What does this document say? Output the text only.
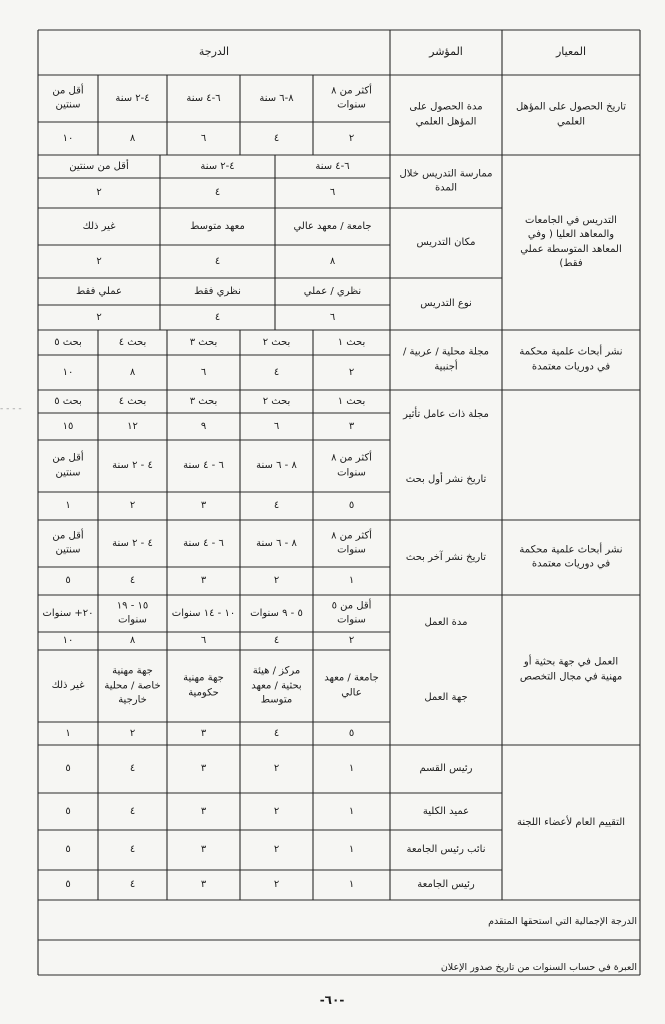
المعيار
المؤشر
الدرجة
أكثر من ٨ سنوات
٢
٨-٦ سنة
٤
٦-٤ سنة
٦
٤-٢ سنة
٨
أقل من سنتين
١٠
مدة الحصول على المؤهل العلمي
تاريخ الحصول على المؤهل العلمي
٦-٤ سنة
٦
٤-٢ سنة
٤
أقل من سنتين
٢
جامعة / معهد عالي
٨
معهد متوسط
٤
غير ذلك
٢
نظري / عملي
٦
نظري فقط
٤
عملي فقط
٢
ممارسة التدريس خلال المدة
مكان التدريس
نوع التدريس
التدريس في الجامعات والمعاهد العليا ( وفي المعاهد المتوسطة عملي فقط)
بحث ١
٢
بحث ٢
٤
بحث ٣
٦
بحث ٤
٨
بحث ٥
١٠
بحث ١
٣
بحث ٢
٦
بحث ٣
٩
بحث ٤
١٢
بحث ٥
١٥
أكثر من ٨ سنوات
٥
٨ - ٦ سنة
٤
٦ - ٤ سنة
٣
٤ - ٢ سنة
٢
أقل من سنتين
١
مجلة محلية / عربية / أجنبية
مجلة ذات عامل تأثير
تاريخ نشر أول بحث
نشر أبحاث علمية محكمة في دوريات معتمدة
أكثر من ٨ سنوات
١
٨ - ٦ سنة
٢
٦ - ٤ سنة
٣
٤ - ٢ سنة
٤
أقل من سنتين
٥
تاريخ نشر آخر بحث
نشر أبحاث علمية محكمة في دوريات معتمدة
أقل من ٥ سنوات
٢
٥ - ٩ سنوات
٤
١٠ - ١٤ سنوات
٦
١٥ - ١٩ سنوات
٨
٢٠+ سنوات
١٠
جامعة / معهد عالي
٥
مركز / هيئة بحثية / معهد متوسط
٤
جهة مهنية حكومية
٣
جهة مهنية خاصة / محلية خارجية
٢
غير ذلك
١
مدة العمل
جهة العمل
العمل في جهة بحثية أو مهنية في مجال التخصص
رئيس القسم
١
٢
٣
٤
٥
عميد الكلية
١
٢
٣
٤
٥
نائب رئيس الجامعة
١
٢
٣
٤
٥
رئيس الجامعة
١
٢
٣
٤
٥
التقييم العام لأعضاء اللجنة
الدرجة الإجمالية التي استحقها المتقدم
العبرة في حساب السنوات من تاريخ صدور الإعلان
- - - -
-٦٠-
